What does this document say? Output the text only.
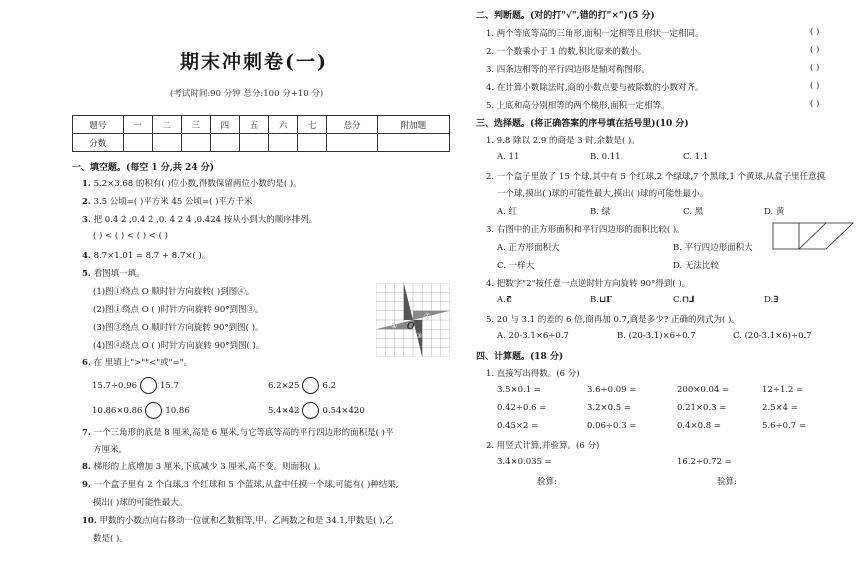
期末冲刺卷(一)
(考试时间:90 分钟 总分:100 分+10 分)
题号	一	二	三	四	五	六	七	总分	附加题
分数									
一、填空题。(每空 1 分,共 24 分)
1. 5.2×3.68 的积有( )位小数,得数保留两位小数约是( )。
2. 3.5 公顷=( )平方米 45 公顷=( )平方千米
3. 把 0.4 2̇ ,0.4 2̇ ,0. 4̇ 2 4̇ ,0.424 按从小到大的顺序排列。
( ) < ( ) < ( ) < ( )
4. 8.7×1.01 = 8.7 + 8.7×( )。
5. 看图填一填。
(1)图①绕点 O 顺时针方向旋转( )到图④。
(2)图①绕点 O ( )时针方向旋转 90°到图③。
(3)图③绕点 O 顺时针方向旋转 90°到图( )。
(4)图④绕点 O ( )时针方向旋转 90°到图( )。
O
①
②
③
④
6. 在 里填上">""<"或"="。
15.7÷0.96	15.7	6.2×25	6.2
10.86×0.86	10.86	5.4×42	0.54×420
7. 一个三角形的底是 8 厘米,高是 6 厘米,与它等底等高的平行四边形的面积是( )平
方厘米。
8. 梯形的上底增加 3 厘米,下底减少 3 厘米,高不变。则面积( )。
9. 一个盒子里有 2 个白球,3 个红球和 5 个蓝球,从盒中任摸一个球,可能有( )种结果,
摸出( )球的可能性最大。
10. 甲数的小数点向右移动一位就和乙数相等,甲、乙两数之和是 34.1,甲数是( ),乙
数是( )。
二、判断题。(对的打"√",错的打"×")(5 分)
1. 两个等底等高的三角形,面积一定相等且形状一定相同。	( )
2. 一个数乘小于 1 的数,积比原来的数小。	( )
3. 四条边相等的平行四边形是轴对称图形。	( )
4. 在计算小数除法时,商的小数点要与被除数的小数对齐。	( )
5. 上底和高分别相等的两个梯形,面积一定相等。	( )
三、选择题。(将正确答案的序号填在括号里)(10 分)
1. 9.8 除以 2.9 的商是 3 时,余数是( )。
A. 11	B. 0.11	C. 1.1
2. 一个盒子里放了 15 个球,其中有 5 个红球,2 个绿球,7 个黑球,1 个黄球,从盒子里任意摸
一个球,摸出( )球的可能性最大,摸出( )球的可能性最小。
A. 红	B. 绿	C. 黑	D. 黄
3. 右图中的正方形面积和平行四边形的面积比较( )。
A. 正方形面积大	B. 平行四边形面积大
C. 一样大	D. 无法比较
4. 把数字"2"按任意一点逆时针方向旋转 90°得到( )。
A.5	B.⊔Γ	C.⊓⅃	D.∃
5. 20 与 3.1 的差的 6 倍,商再加 0.7,商是多少? 正确的列式为( )。
A. 20-3.1×6÷0.7	B. (20-3.1)×6÷0.7	C. (20-3.1×6)÷0.7
四、计算题。(18 分)
1. 直接写出得数。(6 分)
3.5×0.1 =	3.6÷0.09 =	200×0.04 =	12÷1.2 =
0.42÷0.6 =	3.2×0.5 =	0.21×0.3 =	2.5×4 =
0.45×2 =	0.06÷0.3 =	0.4×0.8 =	5.6÷0.7 =
2. 用竖式计算,并验算。(6 分)
3.4×0.035 =	16.2÷0.72 =
验算:	验算:
